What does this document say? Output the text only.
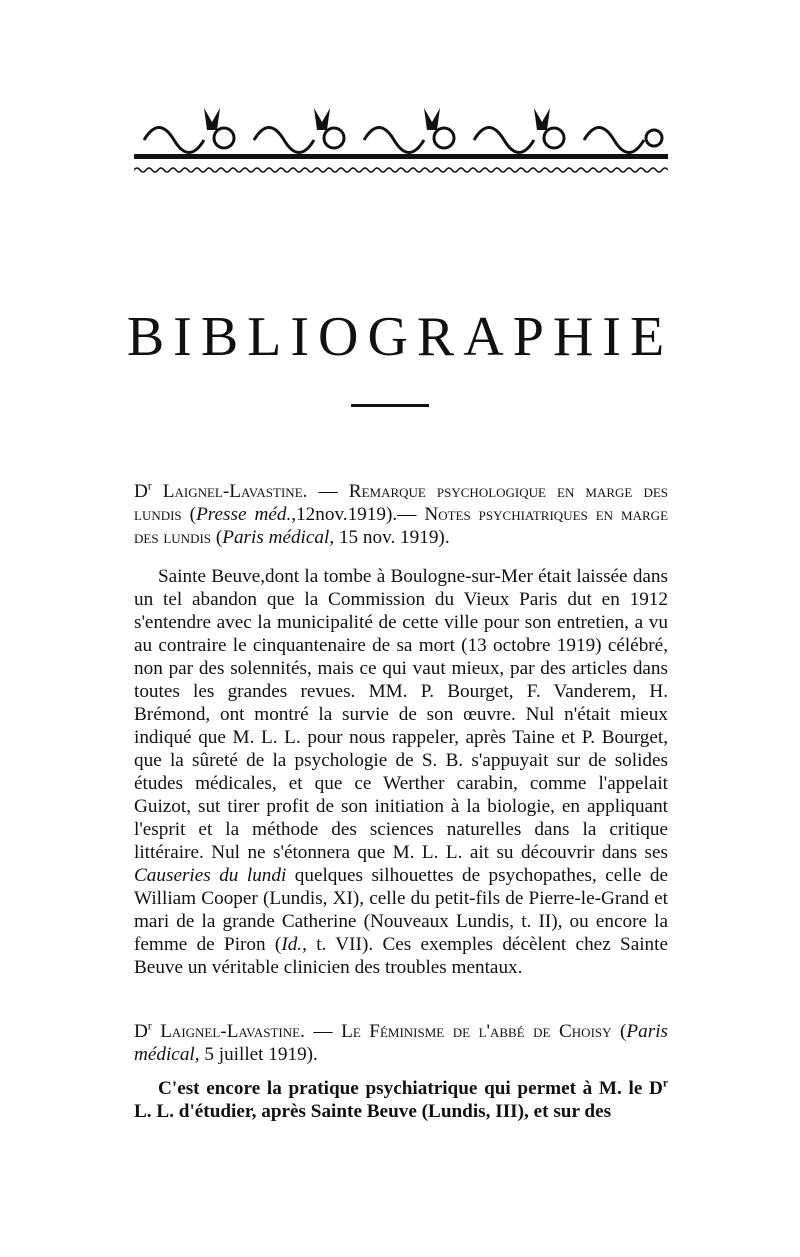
BIBLIOGRAPHIE

$D^r$ Laignel-Lavastine. — Remarque psychologique en marge des lundis (Presse méd.,12nov.1919).— Notes psychiatriques en marge des lundis (Paris médical, 15 nov. 1919).

Sainte Beuve,dont la tombe à Boulogne-sur-Mer était laissée dans un tel abandon que la Commission du Vieux Paris dut en 1912 s'entendre avec la municipalité de cette ville pour son entretien, a vu au contraire le cinquantenaire de sa mort (13 octobre 1919) célébré, non par des solennités, mais ce qui vaut mieux, par des articles dans toutes les grandes revues. MM. P. Bourget, F. Vanderem, H. Brémond, ont montré la survie de son œuvre. Nul n'était mieux indiqué que M. L. L. pour nous rappeler, après Taine et P. Bourget, que la sûreté de la psychologie de S. B. s'appuyait sur de solides études médicales, et que ce Werther carabin, comme l'appelait Guizot, sut tirer profit de son initiation à la biologie, en appliquant l'esprit et la méthode des sciences naturelles dans la critique littéraire. Nul ne s'étonnera que M. L. L. ait su découvrir dans ses Causeries du lundi quelques silhouettes de psychopathes, celle de William Cooper (Lundis, XI), celle du petit-fils de Pierre-le-Grand et mari de la grande Catherine (Nouveaux Lundis, t. II), ou encore la femme de Piron (Id., t. VII). Ces exemples décèlent chez Sainte Beuve un véritable clinicien des troubles mentaux.

$D^r$ Laignel-Lavastine. — Le Féminisme de l'abbé de Choisy (Paris médical, 5 juillet 1919).

C'est encore la pratique psychiatrique qui permet à M. le $D^r$ L. L. d'étudier, après Sainte Beuve (Lundis, III), et sur des
